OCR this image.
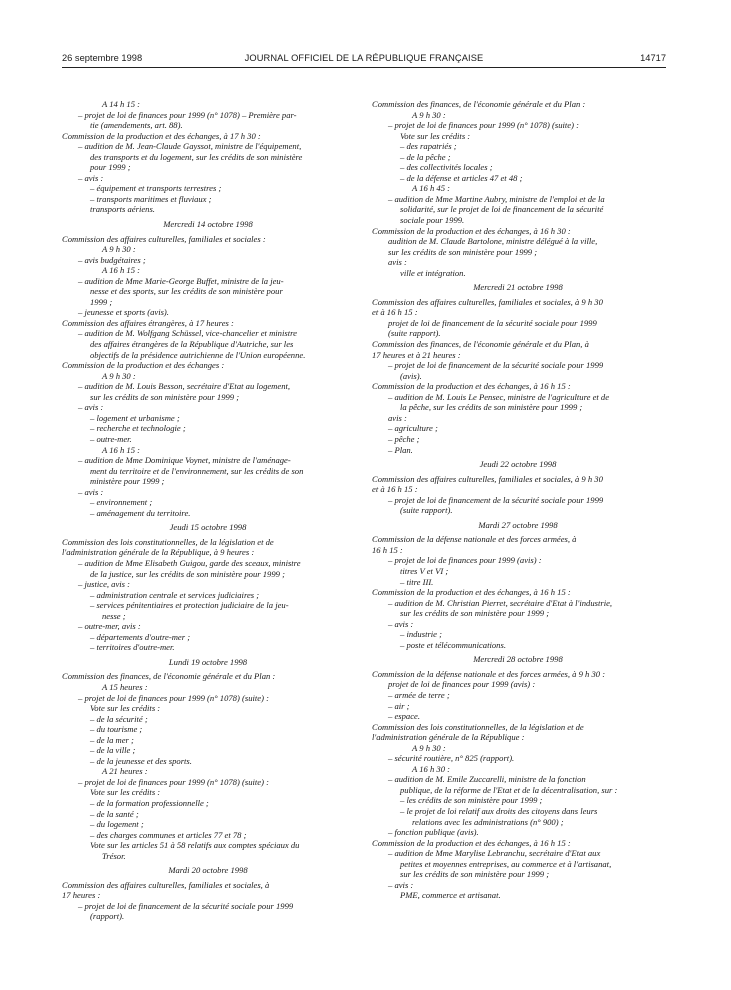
26 septembre 1998	JOURNAL OFFICIEL DE LA RÉPUBLIQUE FRANÇAISE	14717
A 14 h 15 :
– projet de loi de finances pour 1999 (n° 1078) – Première par-
tie (amendements, art. 88).
Commission de la production et des échanges, à 17 h 30 :
– audition de M. Jean-Claude Gayssot, ministre de l'équipement,
des transports et du logement, sur les crédits de son ministère
pour 1999 ;
– avis :
– équipement et transports terrestres ;
– transports maritimes et fluviaux ;
transports aériens.
Mercredi 14 octobre 1998
Commission des affaires culturelles, familiales et sociales :
A 9 h 30 :
– avis budgétaires ;
A 16 h 15 :
– audition de Mme Marie-George Buffet, ministre de la jeu-
nesse et des sports, sur les crédits de son ministère pour
1999 ;
– jeunesse et sports (avis).
Commission des affaires étrangères, à 17 heures :
– audition de M. Wolfgang Schüssel, vice-chancelier et ministre
des affaires étrangères de la République d'Autriche, sur les
objectifs de la présidence autrichienne de l'Union européenne.
Commission de la production et des échanges :
A 9 h 30 :
– audition de M. Louis Besson, secrétaire d'Etat au logement,
sur les crédits de son ministère pour 1999 ;
– avis :
– logement et urbanisme ;
– recherche et technologie ;
– outre-mer.
A 16 h 15 :
– audition de Mme Dominique Voynet, ministre de l'aménage-
ment du territoire et de l'environnement, sur les crédits de son
ministère pour 1999 ;
– avis :
– environnement ;
– aménagement du territoire.
Jeudi 15 octobre 1998
Commission des lois constitutionnelles, de la législation et de
l'administration générale de la République, à 9 heures :
– audition de Mme Elisabeth Guigou, garde des sceaux, ministre
de la justice, sur les crédits de son ministère pour 1999 ;
– justice, avis :
– administration centrale et services judiciaires ;
– services pénitentiaires et protection judiciaire de la jeu-
nesse ;
– outre-mer, avis :
– départements d'outre-mer ;
– territoires d'outre-mer.
Lundi 19 octobre 1998
Commission des finances, de l'économie générale et du Plan :
A 15 heures :
– projet de loi de finances pour 1999 (n° 1078) (suite) :
Vote sur les crédits :
– de la sécurité ;
– du tourisme ;
– de la mer ;
– de la ville ;
– de la jeunesse et des sports.
A 21 heures :
– projet de loi de finances pour 1999 (n° 1078) (suite) :
Vote sur les crédits :
– de la formation professionnelle ;
– de la santé ;
– du logement ;
– des charges communes et articles 77 et 78 ;
Vote sur les articles 51 à 58 relatifs aux comptes spéciaux du
Trésor.
Mardi 20 octobre 1998
Commission des affaires culturelles, familiales et sociales, à
17 heures :
– projet de loi de financement de la sécurité sociale pour 1999
(rapport).
Commission des finances, de l'économie générale et du Plan :
A 9 h 30 :
– projet de loi de finances pour 1999 (n° 1078) (suite) :
Vote sur les crédits :
– des rapatriés ;
– de la pêche ;
– des collectivités locales ;
– de la défense et articles 47 et 48 ;
A 16 h 45 :
– audition de Mme Martine Aubry, ministre de l'emploi et de la
solidarité, sur le projet de loi de financement de la sécurité
sociale pour 1999.
Commission de la production et des échanges, à 16 h 30 :
audition de M. Claude Bartolone, ministre délégué à la ville,
sur les crédits de son ministère pour 1999 ;
avis :
ville et intégration.
Mercredi 21 octobre 1998
Commission des affaires culturelles, familiales et sociales, à 9 h 30
et à 16 h 15 :
projet de loi de financement de la sécurité sociale pour 1999
(suite rapport).
Commission des finances, de l'économie générale et du Plan, à
17 heures et à 21 heures :
– projet de loi de financement de la sécurité sociale pour 1999
(avis).
Commission de la production et des échanges, à 16 h 15 :
– audition de M. Louis Le Pensec, ministre de l'agriculture et de
la pêche, sur les crédits de son ministère pour 1999 ;
avis :
– agriculture ;
– pêche ;
– Plan.
Jeudi 22 octobre 1998
Commission des affaires culturelles, familiales et sociales, à 9 h 30
et à 16 h 15 :
– projet de loi de financement de la sécurité sociale pour 1999
(suite rapport).
Mardi 27 octobre 1998
Commission de la défense nationale et des forces armées, à
16 h 15 :
– projet de loi de finances pour 1999 (avis) :
titres V et VI ;
– titre III.
Commission de la production et des échanges, à 16 h 15 :
– audition de M. Christian Pierret, secrétaire d'Etat à l'industrie,
sur les crédits de son ministère pour 1999 ;
– avis :
– industrie ;
– poste et télécommunications.
Mercredi 28 octobre 1998
Commission de la défense nationale et des forces armées, à 9 h 30 :
projet de loi de finances pour 1999 (avis) :
– armée de terre ;
– air ;
– espace.
Commission des lois constitutionnelles, de la législation et de
l'administration générale de la République :
A 9 h 30 :
– sécurité routière, n° 825 (rapport).
A 16 h 30 :
– audition de M. Emile Zuccarelli, ministre de la fonction
publique, de la réforme de l'Etat et de la décentralisation, sur :
– les crédits de son ministère pour 1999 ;
– le projet de loi relatif aux droits des citoyens dans leurs
relations avec les administrations (n° 900) ;
– fonction publique (avis).
Commission de la production et des échanges, à 16 h 15 :
– audition de Mme Marylise Lebranchu, secrétaire d'Etat aux
petites et moyennes entreprises, au commerce et à l'artisanat,
sur les crédits de son ministère pour 1999 ;
– avis :
PME, commerce et artisanat.
